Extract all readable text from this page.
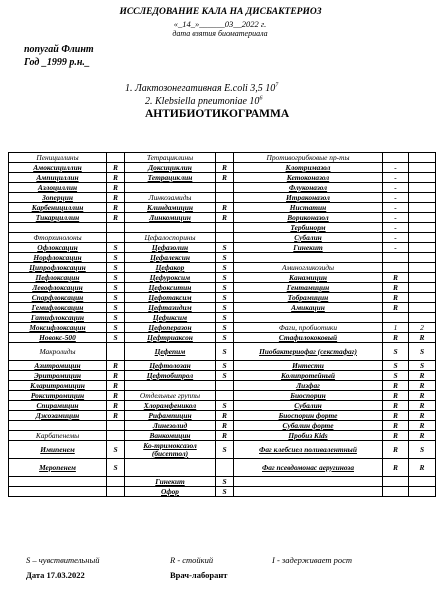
ИССЛЕДОВАНИЕ КАЛА НА ДИСБАКТЕРИОЗ
«_14_»______03__2022 г.
дата взятия биоматериала
попугай Флинт
Год _1999 р.н._
1. Лактозонегативная E.coli 3,5 $10^7$
2. Klebsiella pneumoniae $10^6$
АНТИБИОТИКОГРАММА
Пенициллины		Тетрациклины		Противогрибковые пр-ты		
Амоксициллин	R	Доксициклин	R	Клотримазол	-	
Ампициллин	R	Тетрациклин	R	Кетоконазол	-	
Азлоциллин	R			Флуконазол	-	
Зоперцин	R	Линкозамиды		Итраконазол	-	
Карбенициллин	R	Клиндамицин	R	Нистатин	-	
Тикарциллин	R	Линкомицин	R	Вориконазол	-	
				Тербинорм	-	
Фторхинолоны		Цефалоспорины		Субалин	-	
Офлоксацин	S	Цефазолин	S	Гинекит	-	
Норфлоксацин	S	Цефалексин	S			
Ципрофлоксацин	S	Цефакор	S	Аминогликозиды		
Пефлоксацин	S	Цефуроксим	S	Канамицин	R	
Левофлоксацин	S	Цефокситин	S	Гентамицин	R	
Спарфлоксацин	S	Цефотаксим	S	Тобрамицин	R	
Гемифлоксацин	S	Цефтазидим	S	Амикацин	R	
Гатифлоксацин	S	Цефиксим	S			
Моксифлоксацин	S	Цефоперазон	S	Фаги, пробиотики	1	2
Новокс-500	S	Цефтриаксон	S	Стафилококовый	R	R
Макролиды		Цефепим	S	Пиобактериофаг (секстафаг)	S	S
Азитромицин	R	Цефтолозан	S	Интести	S	S
Эритромицин	R	Цефтобипрол	S	Колипротейный	S	R
Кларитромицин	R			Лизфаг	R	R
Рокситромицин	R	Отдельные группы		Биоспорин	R	R
Спирамицин	R	Хлорамфеникол	S	Субалин	R	R
Джозамицин	R	Рифампицин	R	Биоспорин форте	R	R
		Линезолид	R	Субалин форте	R	R
Карбапенемы		Ванкомицин	R	Пробиз Kids	R	R
Имипенем	S	Ко-тримоксазол (бисептол)	S	Фаг клебсиел поливалентный	R	S
Меропенем	S			Фаг псевдомонас аеругиноза	R	R
		Гинекит	S			
		Офор	S			
S – чувствительный	R - стойкий	I - задерживает рост
Дата 17.03.2022	Врач-лаборант
